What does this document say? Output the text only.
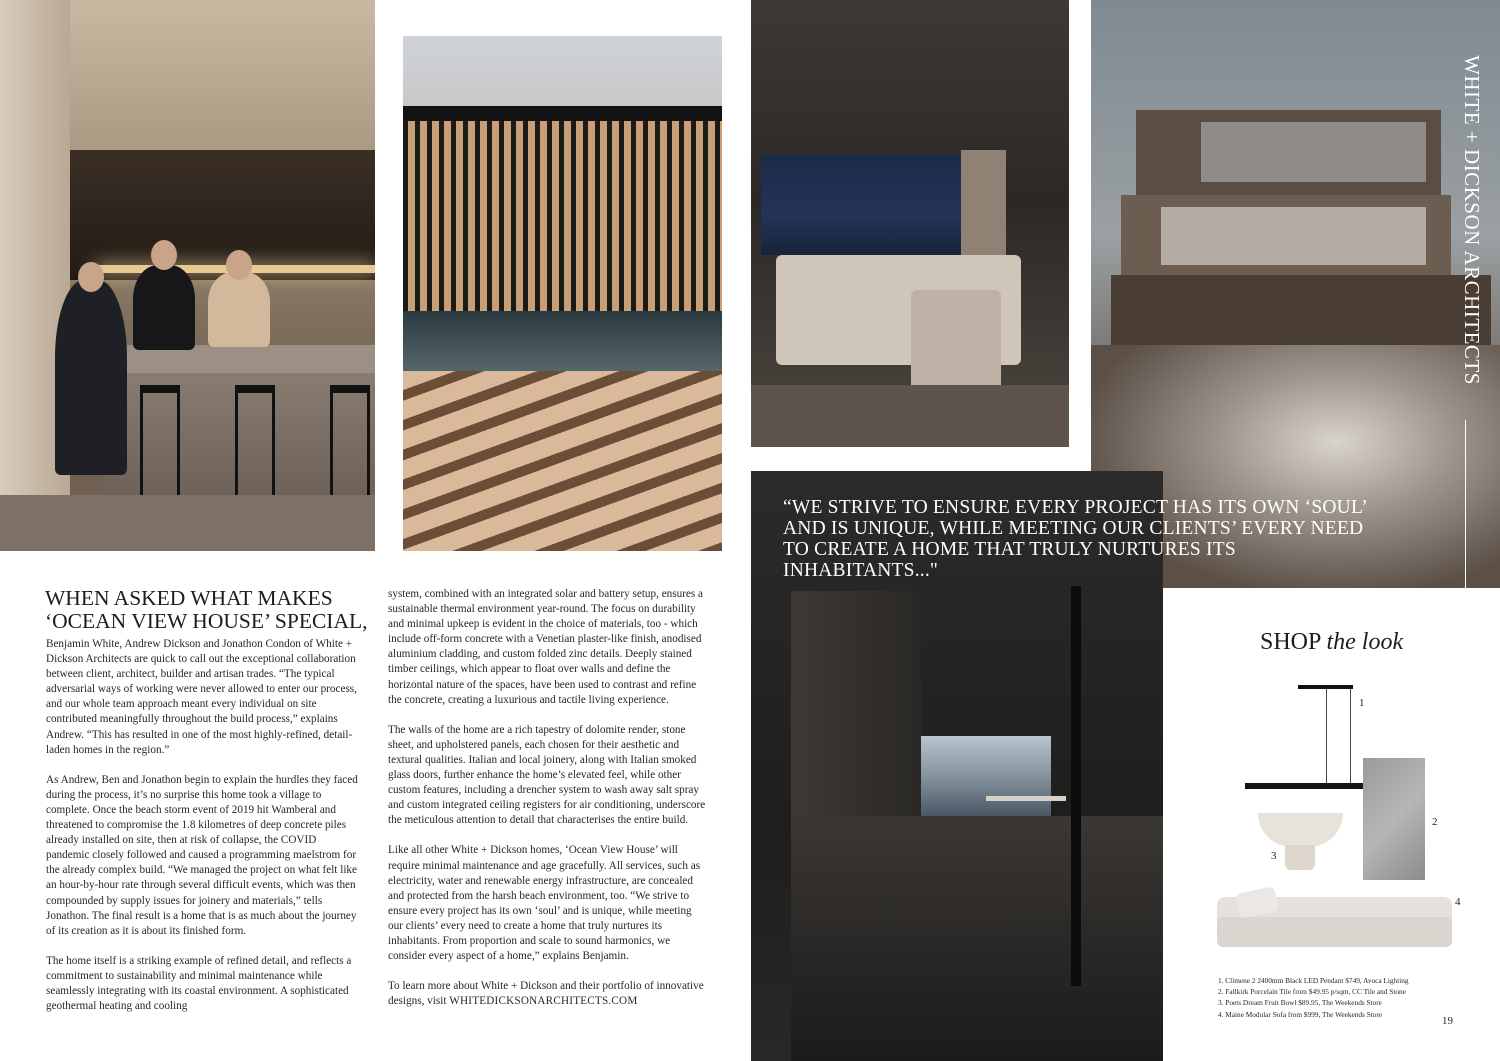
“WE STRIVE TO ENSURE EVERY PROJECT HAS ITS OWN ‘SOUL’ AND IS UNIQUE, WHILE MEETING OUR CLIENTS’ EVERY NEED TO CREATE A HOME THAT TRULY NURTURES ITS INHABITANTS..."
WHITE + DICKSON ARCHITECTS
WHEN ASKED WHAT MAKES
‘OCEAN VIEW HOUSE’ SPECIAL,

Benjamin White, Andrew Dickson and Jonathon Condon of White + Dickson Architects are quick to call out the exceptional collaboration between client, architect, builder and artisan trades. “The typical adversarial ways of working were never allowed to enter our process, and our whole team approach meant every individual on site contributed meaningfully throughout the build process,” explains Andrew. “This has resulted in one of the most highly-refined, detail-laden homes in the region.”

As Andrew, Ben and Jonathon begin to explain the hurdles they faced during the process, it’s no surprise this home took a village to complete. Once the beach storm event of 2019 hit Wamberal and threatened to compromise the 1.8 kilometres of deep concrete piles already installed on site, then at risk of collapse, the COVID pandemic closely followed and caused a programming maelstrom for the already complex build. “We managed the project on what felt like an hour-by-hour rate through several difficult events, which was then compounded by supply issues for joinery and materials,” tells Jonathon. The final result is a home that is as much about the journey of its creation as it is about its finished form.

The home itself is a striking example of refined detail, and reflects a commitment to sustainability and minimal maintenance while seamlessly integrating with its coastal environment. A sophisticated geothermal heating and cooling

system, combined with an integrated solar and battery setup, ensures a sustainable thermal environment year-round. The focus on durability and minimal upkeep is evident in the choice of materials, too - which include off-form concrete with a Venetian plaster-like finish, anodised aluminium cladding, and custom folded zinc details. Deeply stained timber ceilings, which appear to float over walls and define the horizontal nature of the spaces, have been used to contrast and refine the concrete, creating a luxurious and tactile living experience.

The walls of the home are a rich tapestry of dolomite render, stone sheet, and upholstered panels, each chosen for their aesthetic and textural qualities. Italian and local joinery, along with Italian smoked glass doors, further enhance the home’s elevated feel, while other custom features, including a drencher system to wash away salt spray and custom integrated ceiling registers for air conditioning, underscore the meticulous attention to detail that characterises the entire build.

Like all other White + Dickson homes, ‘Ocean View House’ will require minimal maintenance and age gracefully. All services, such as electricity, water and renewable energy infrastructure, are concealed and protected from the harsh beach environment, too. “We strive to ensure every project has its own ‘soul’ and is unique, while meeting our clients’ every need to create a home that truly nurtures its inhabitants. From proportion and scale to sound harmonics, we consider every aspect of a home,” explains Benjamin.

To learn more about White + Dickson and their portfolio of innovative designs, visit WHITEDICKSONARCHITECTS.COM

SHOP the look
1
2
3
4
1. Climene 2 2400mm Black LED Pendant $749, Avoca Lighting
2. Fallkirk Porcelain Tile from $49.95 p/sqm, CC Tile and Stone
3. Poets Dream Fruit Bowl $89.95, The Weekends Store
4. Maine Modular Sofa from $999, The Weekends Store
19
